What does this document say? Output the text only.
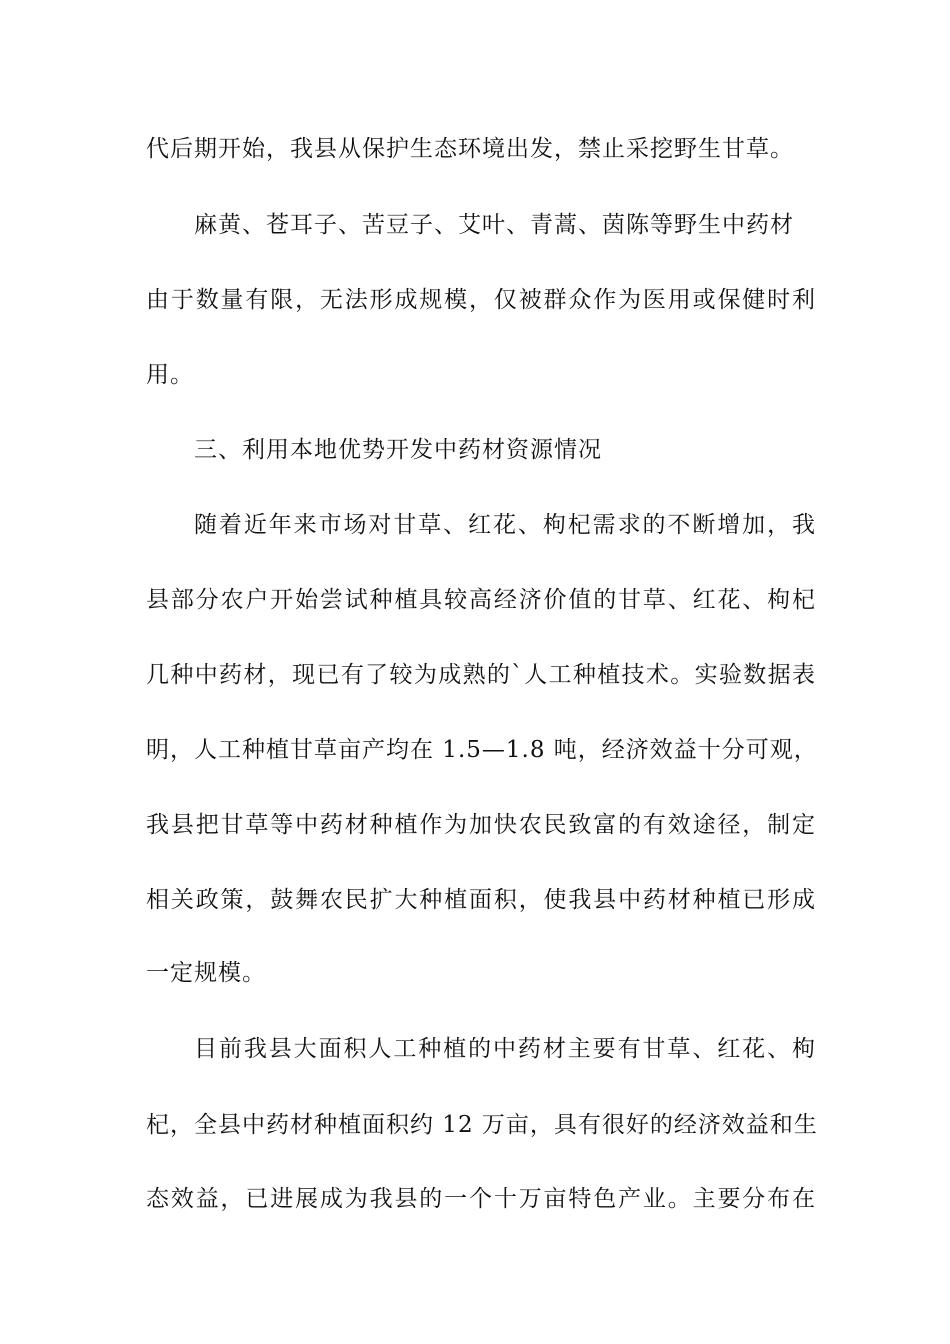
代后期开始，我县从保护生态环境出发，禁止采挖野生甘草。
麻黄、苍耳子、苦豆子、艾叶、青蒿、茵陈等野生中药材
由于数量有限，无法形成规模，仅被群众作为医用或保健时利
用。
三、利用本地优势开发中药材资源情况
随着近年来市场对甘草、红花、枸杞需求的不断增加，我
县部分农户开始尝试种植具较高经济价值的甘草、红花、枸杞
几种中药材，现已有了较为成熟的`人工种植技术。实验数据表
明，人工种植甘草亩产均在 1.5—1.8 吨，经济效益十分可观，
我县把甘草等中药材种植作为加快农民致富的有效途径，制定
相关政策，鼓舞农民扩大种植面积，使我县中药材种植已形成
一定规模。
目前我县大面积人工种植的中药材主要有甘草、红花、枸
杞，全县中药材种植面积约 12 万亩，具有很好的经济效益和生
态效益，已进展成为我县的一个十万亩特色产业。主要分布在
